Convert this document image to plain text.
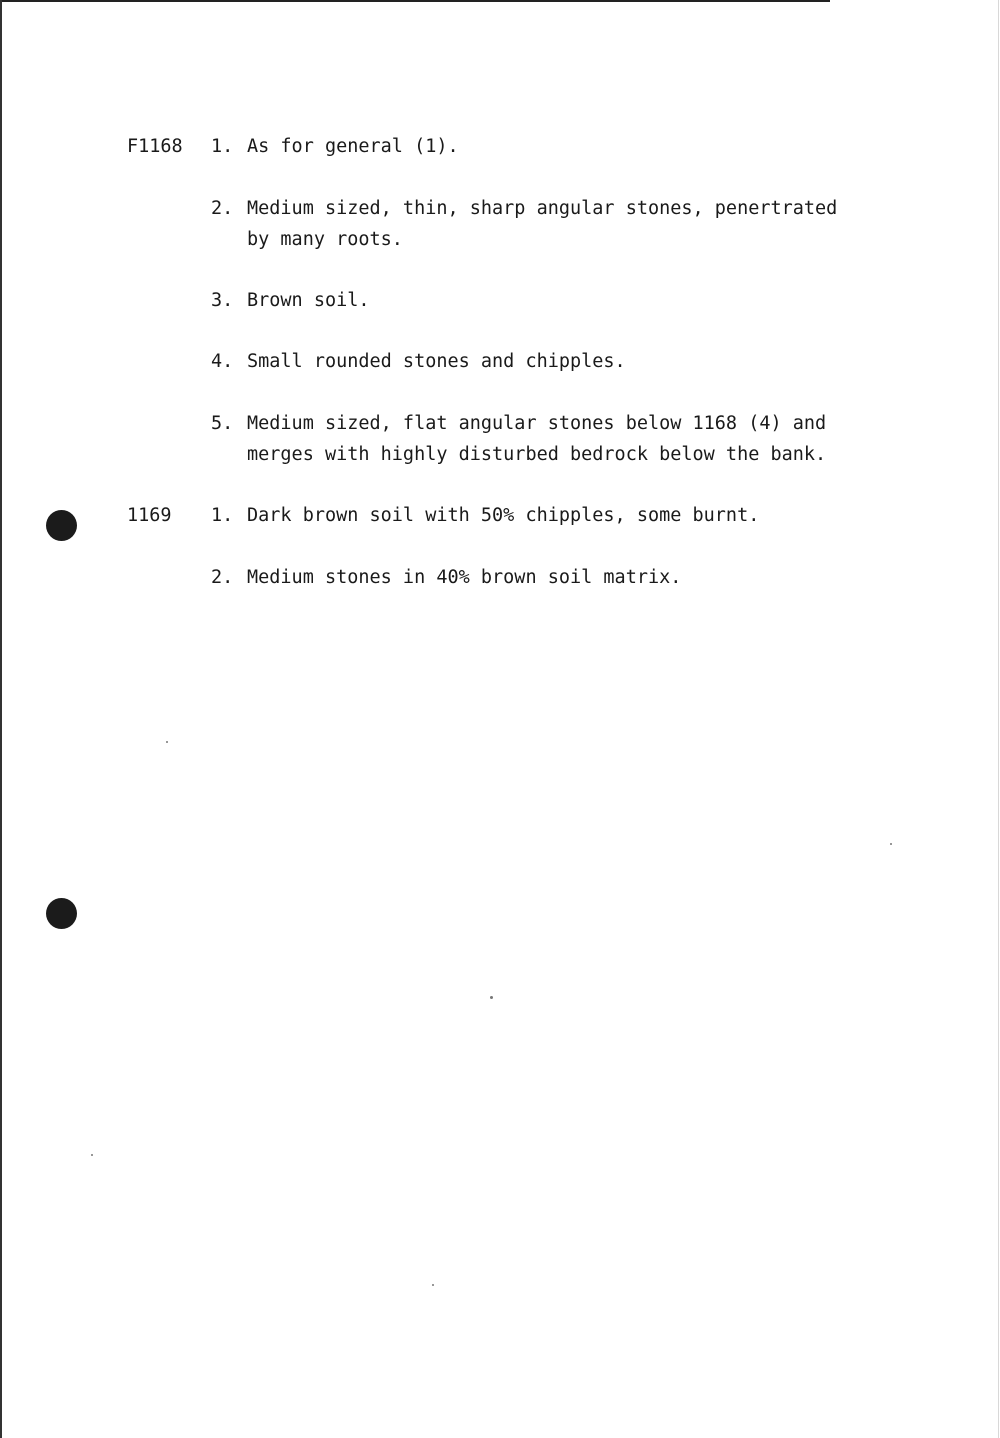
F1168

1.

As for general (1).

2.

Medium sized, thin, sharp angular stones, penertrated

by many roots.

3.

Brown soil.

4.

Small rounded stones and chipples.

5.

Medium sized, flat angular stones below 1168 (4) and

merges with highly disturbed bedrock below the bank.

1169

1.

Dark brown soil with 50% chipples, some burnt.

2.

Medium stones in 40% brown soil matrix.
